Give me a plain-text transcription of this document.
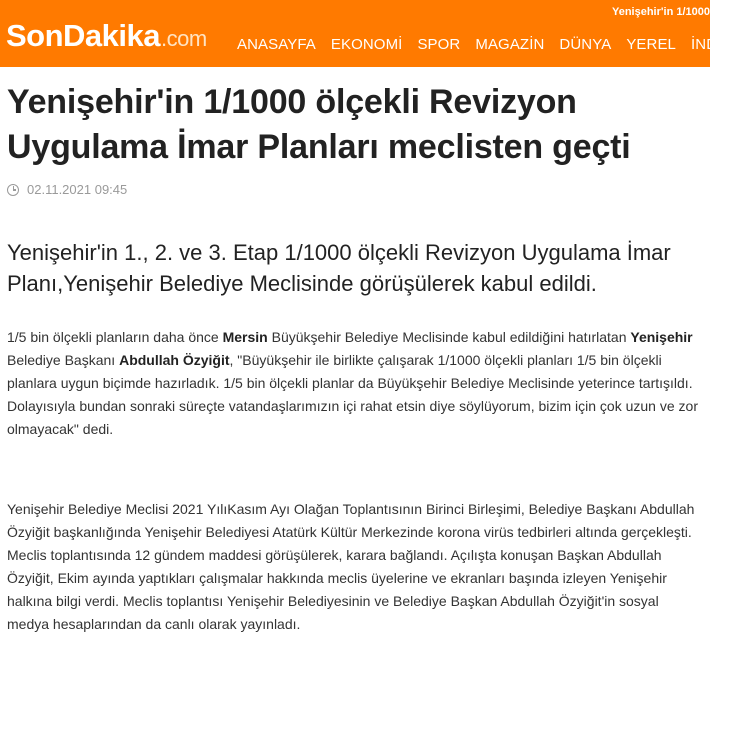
SonDakika.com
Yenişehir'in 1/1000
ANASAYFA EKONOMİ SPOR MAGAZİN DÜNYA YEREL İNDİ
Yenişehir'in 1/1000 ölçekli Revizyon Uygulama İmar Planları meclisten geçti
02.11.2021 09:45
Yenişehir'in 1., 2. ve 3. Etap 1/1000 ölçekli Revizyon Uygulama İmar Planı,Yenişehir Belediye Meclisinde görüşülerek kabul edildi.

1/5 bin ölçekli planların daha önce Mersin Büyükşehir Belediye Meclisinde kabul edildiğini hatırlatan Yenişehir Belediye Başkanı Abdullah Özyiğit, "Büyükşehir ile birlikte çalışarak 1/1000 ölçekli planları 1/5 bin ölçekli planlara uygun biçimde hazırladık. 1/5 bin ölçekli planlar da Büyükşehir Belediye Meclisinde yeterince tartışıldı. Dolayısıyla bundan sonraki süreçte vatandaşlarımızın içi rahat etsin diye söylüyorum, bizim için çok uzun ve zor olmayacak" dedi.

Yenişehir Belediye Meclisi 2021 YılıKasım Ayı Olağan Toplantısının Birinci Birleşimi, Belediye Başkanı Abdullah Özyiğit başkanlığında Yenişehir Belediyesi Atatürk Kültür Merkezinde korona virüs tedbirleri altında gerçekleşti. Meclis toplantısında 12 gündem maddesi görüşülerek, karara bağlandı. Açılışta konuşan Başkan Abdullah Özyiğit, Ekim ayında yaptıkları çalışmalar hakkında meclis üyelerine ve ekranları başında izleyen Yenişehir halkına bilgi verdi. Meclis toplantısı Yenişehir Belediyesinin ve Belediye Başkan Abdullah Özyiğit'in sosyal medya hesaplarından da canlı olarak yayınladı.
